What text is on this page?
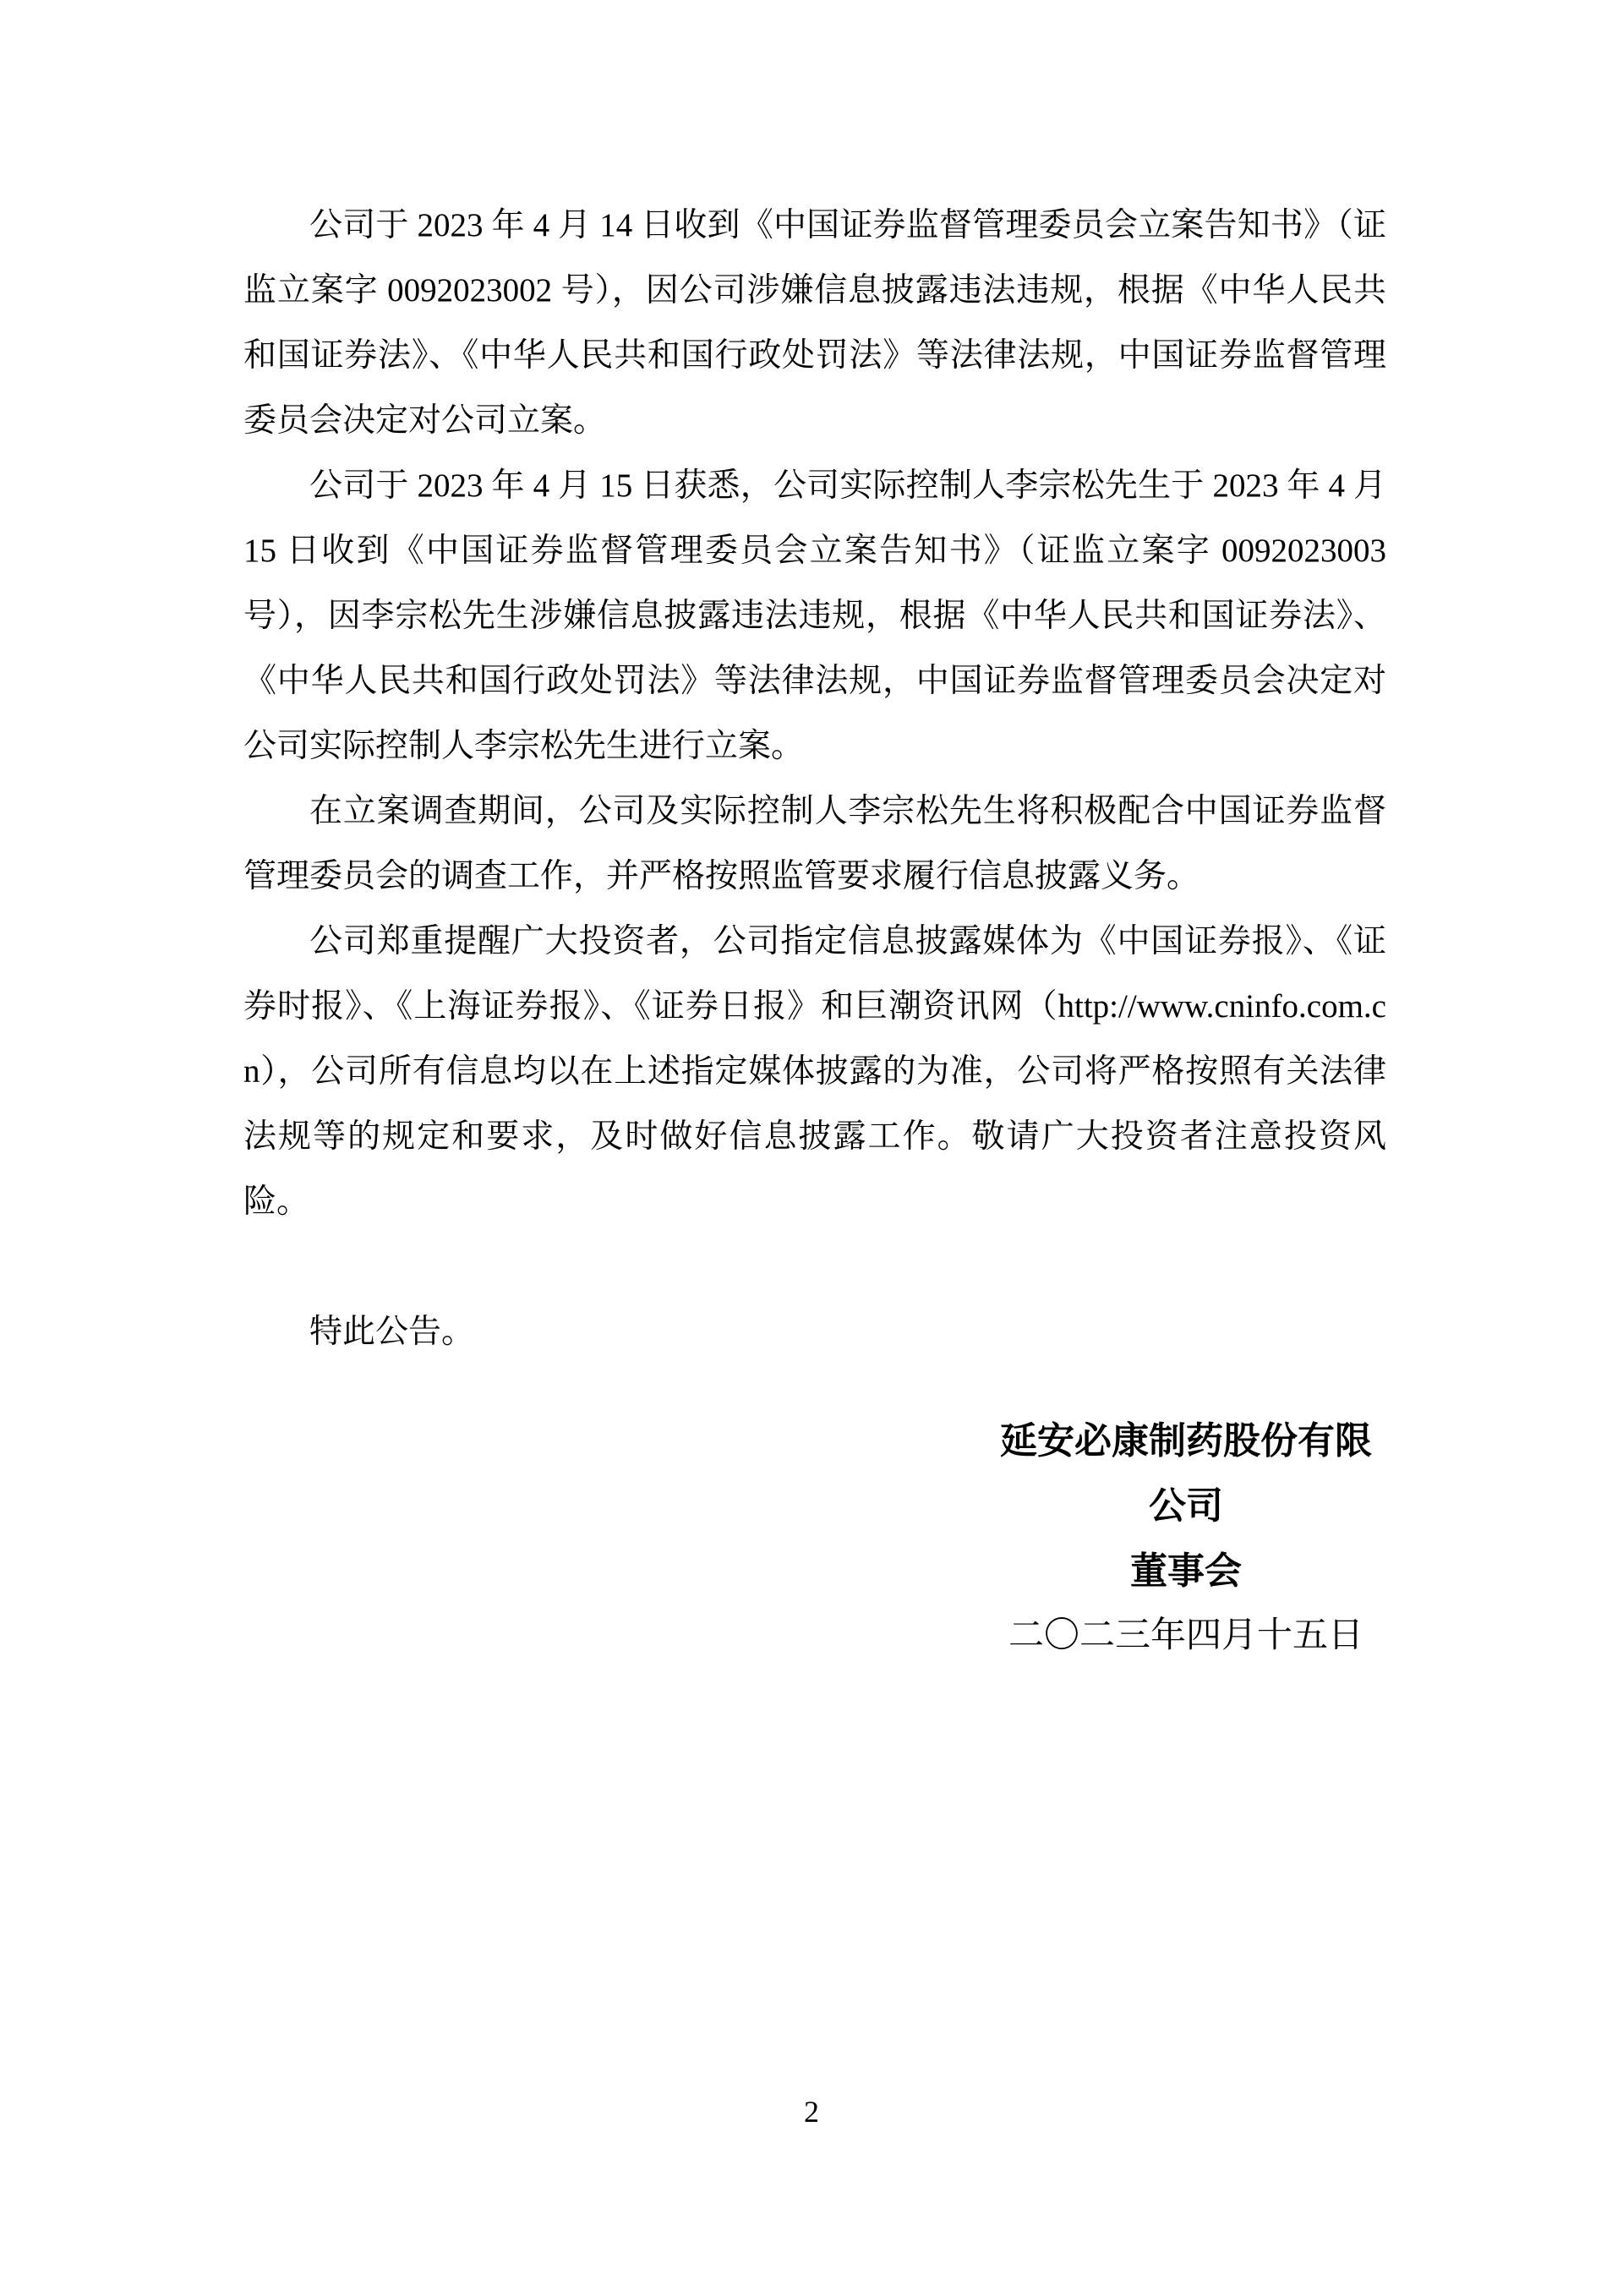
公司于 2023 年 4 月 14 日收到《中国证券监督管理委员会立案告知书》（证监立案字 0092023002 号），因公司涉嫌信息披露违法违规，根据《中华人民共和国证券法》、《中华人民共和国行政处罚法》等法律法规，中国证券监督管理委员会决定对公司立案。

公司于 2023 年 4 月 15 日获悉，公司实际控制人李宗松先生于 2023 年 4 月 15 日收到《中国证券监督管理委员会立案告知书》（证监立案字 0092023003 号），因李宗松先生涉嫌信息披露违法违规，根据《中华人民共和国证券法》、《中华人民共和国行政处罚法》等法律法规，中国证券监督管理委员会决定对公司实际控制人李宗松先生进行立案。

在立案调查期间，公司及实际控制人李宗松先生将积极配合中国证券监督管理委员会的调查工作，并严格按照监管要求履行信息披露义务。

公司郑重提醒广大投资者，公司指定信息披露媒体为《中国证券报》、《证券时报》、《上海证券报》、《证券日报》和巨潮资讯网（http://www.cninfo.com.cn），公司所有信息均以在上述指定媒体披露的为准，公司将严格按照有关法律法规等的规定和要求，及时做好信息披露工作。敬请广大投资者注意投资风险。

特此公告。

延安必康制药股份有限公司
董事会
二〇二三年四月十五日
2
